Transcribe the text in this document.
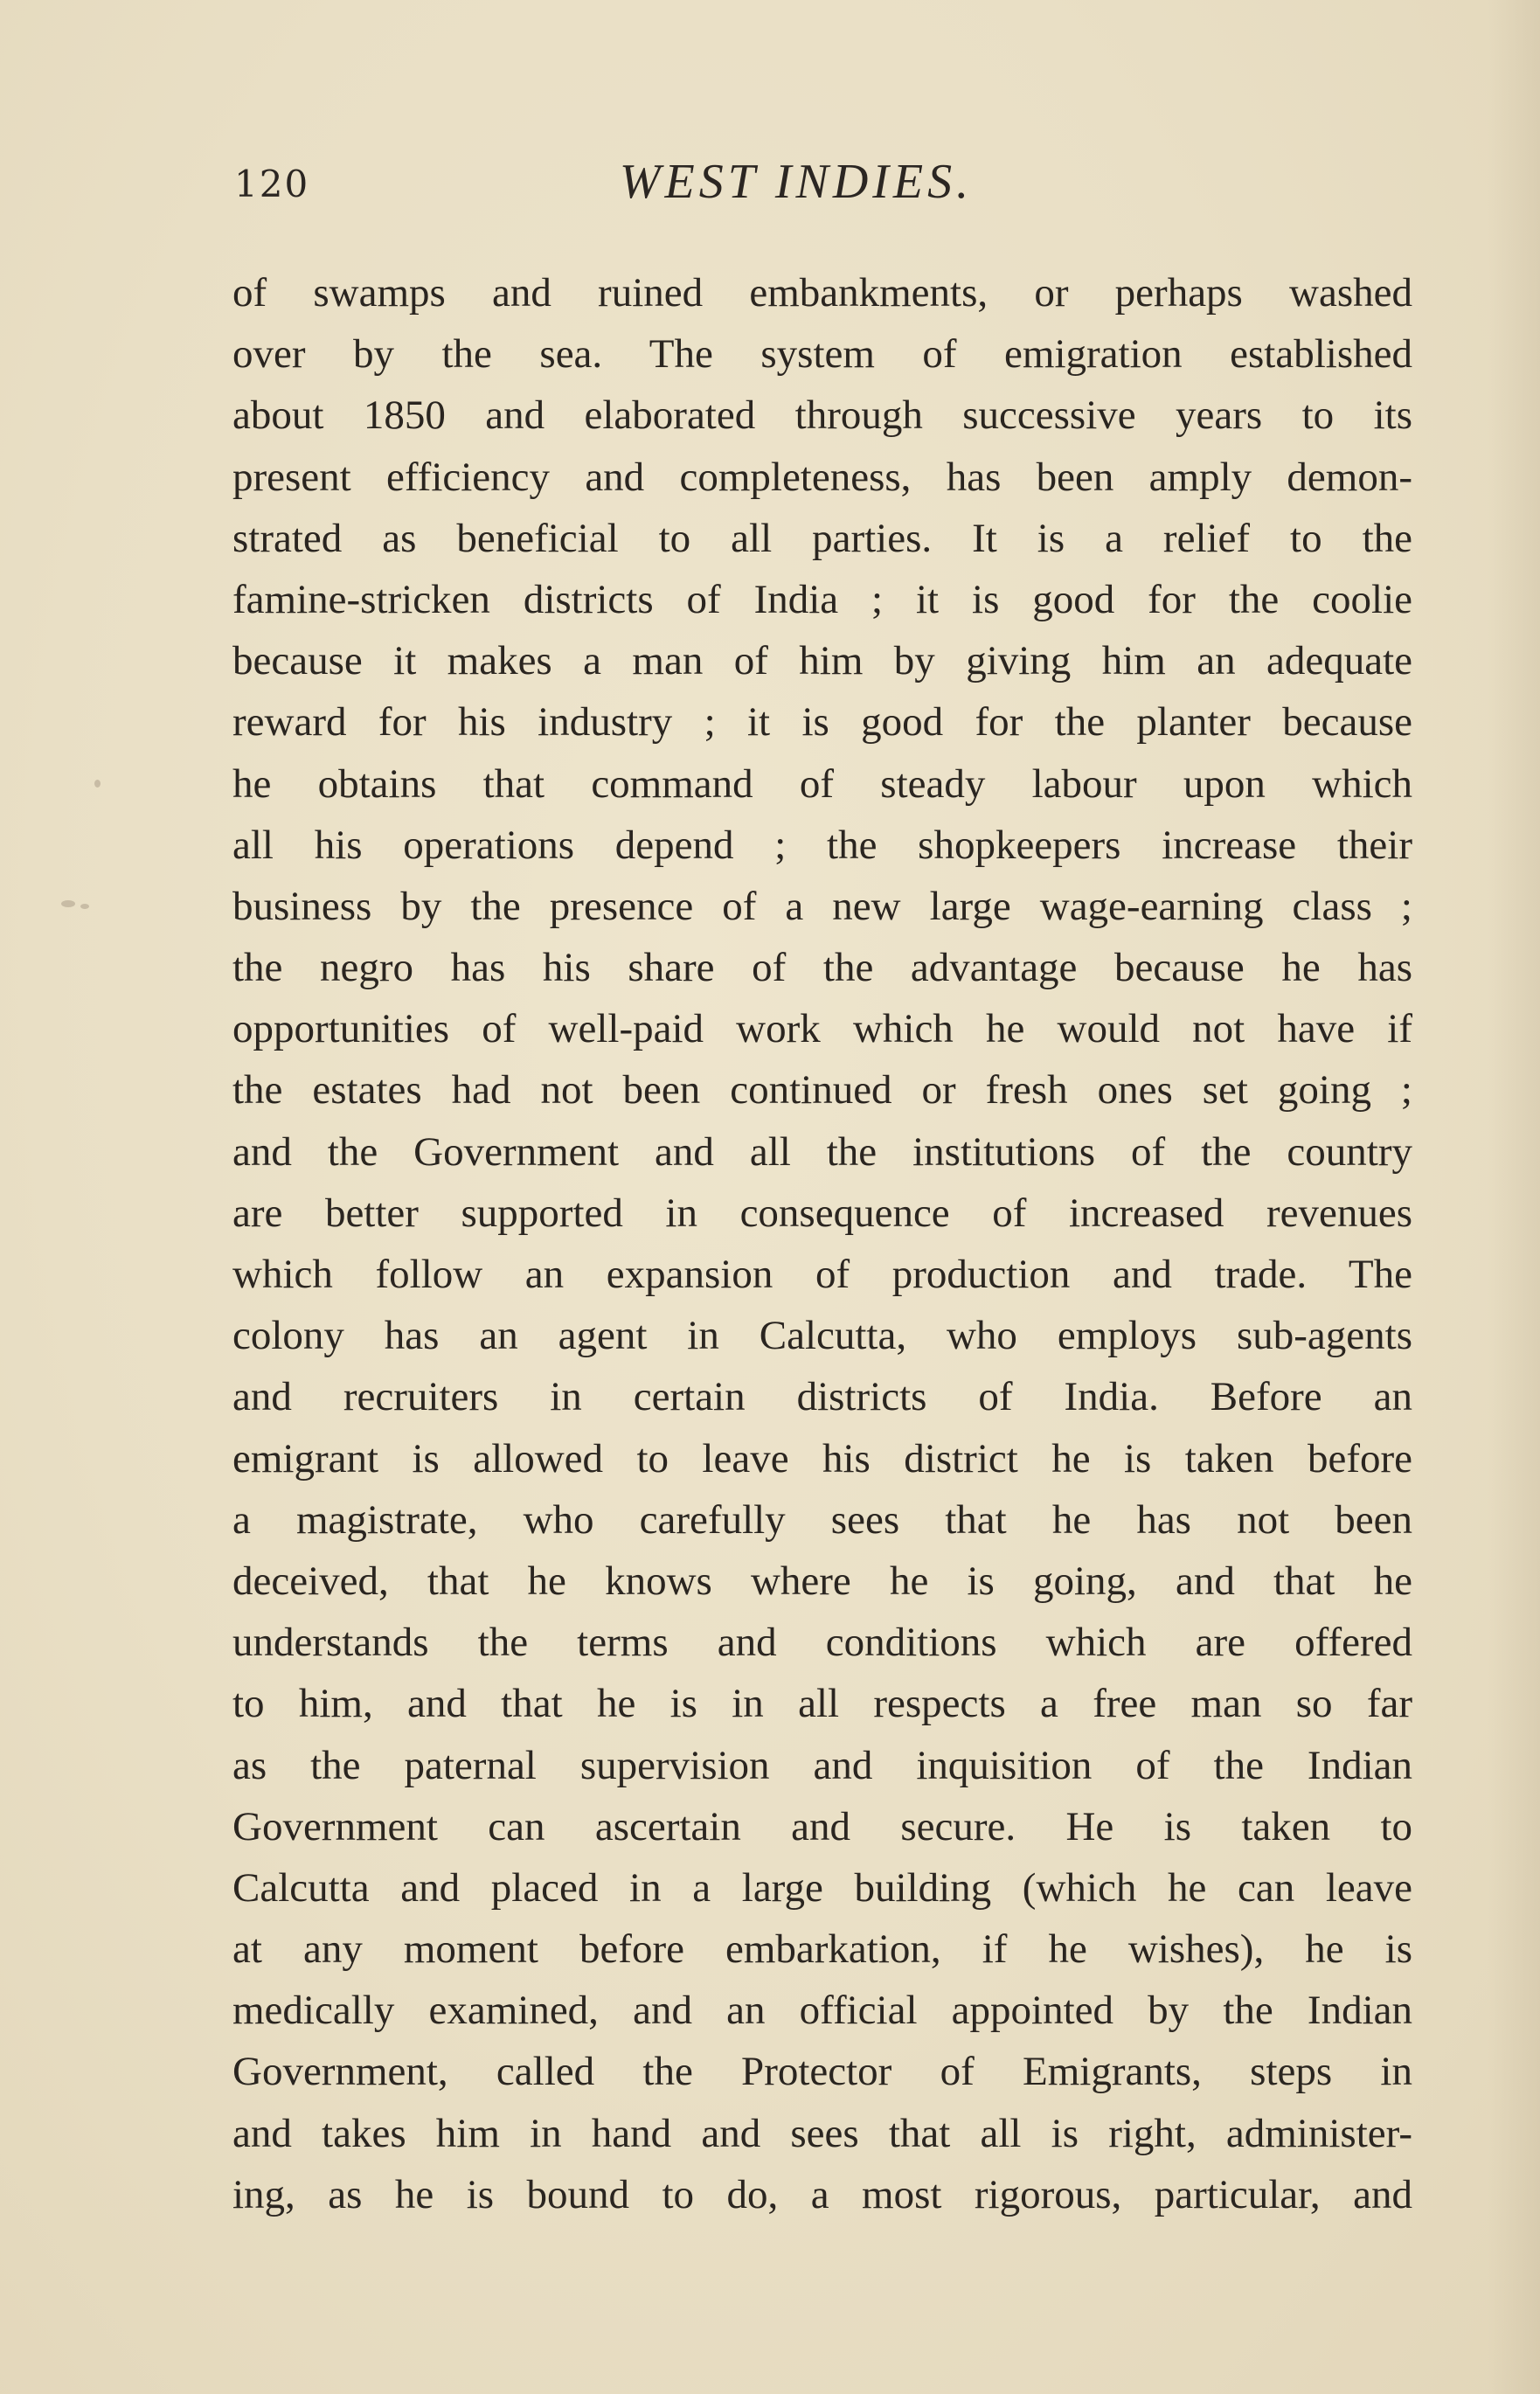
120	WEST INDIES.
of swamps and ruined embankments, or perhaps washed
over by the sea. The system of emigration established
about 1850 and elaborated through successive years to its
present efficiency and completeness, has been amply demon-
strated as beneficial to all parties. It is a relief to the
famine-stricken districts of India ; it is good for the coolie
because it makes a man of him by giving him an adequate
reward for his industry ; it is good for the planter because
he obtains that command of steady labour upon which
all his operations depend ; the shopkeepers increase their
business by the presence of a new large wage-earning class ;
the negro has his share of the advantage because he has
opportunities of well-paid work which he would not have if
the estates had not been continued or fresh ones set going ;
and the Government and all the institutions of the country
are better supported in consequence of increased revenues
which follow an expansion of production and trade. The
colony has an agent in Calcutta, who employs sub-agents
and recruiters in certain districts of India. Before an
emigrant is allowed to leave his district he is taken before
a magistrate, who carefully sees that he has not been
deceived, that he knows where he is going, and that he
understands the terms and conditions which are offered
to him, and that he is in all respects a free man so far
as the paternal supervision and inquisition of the Indian
Government can ascertain and secure. He is taken to
Calcutta and placed in a large building (which he can leave
at any moment before embarkation, if he wishes), he is
medically examined, and an official appointed by the Indian
Government, called the Protector of Emigrants, steps in
and takes him in hand and sees that all is right, administer-
ing, as he is bound to do, a most rigorous, particular, and
